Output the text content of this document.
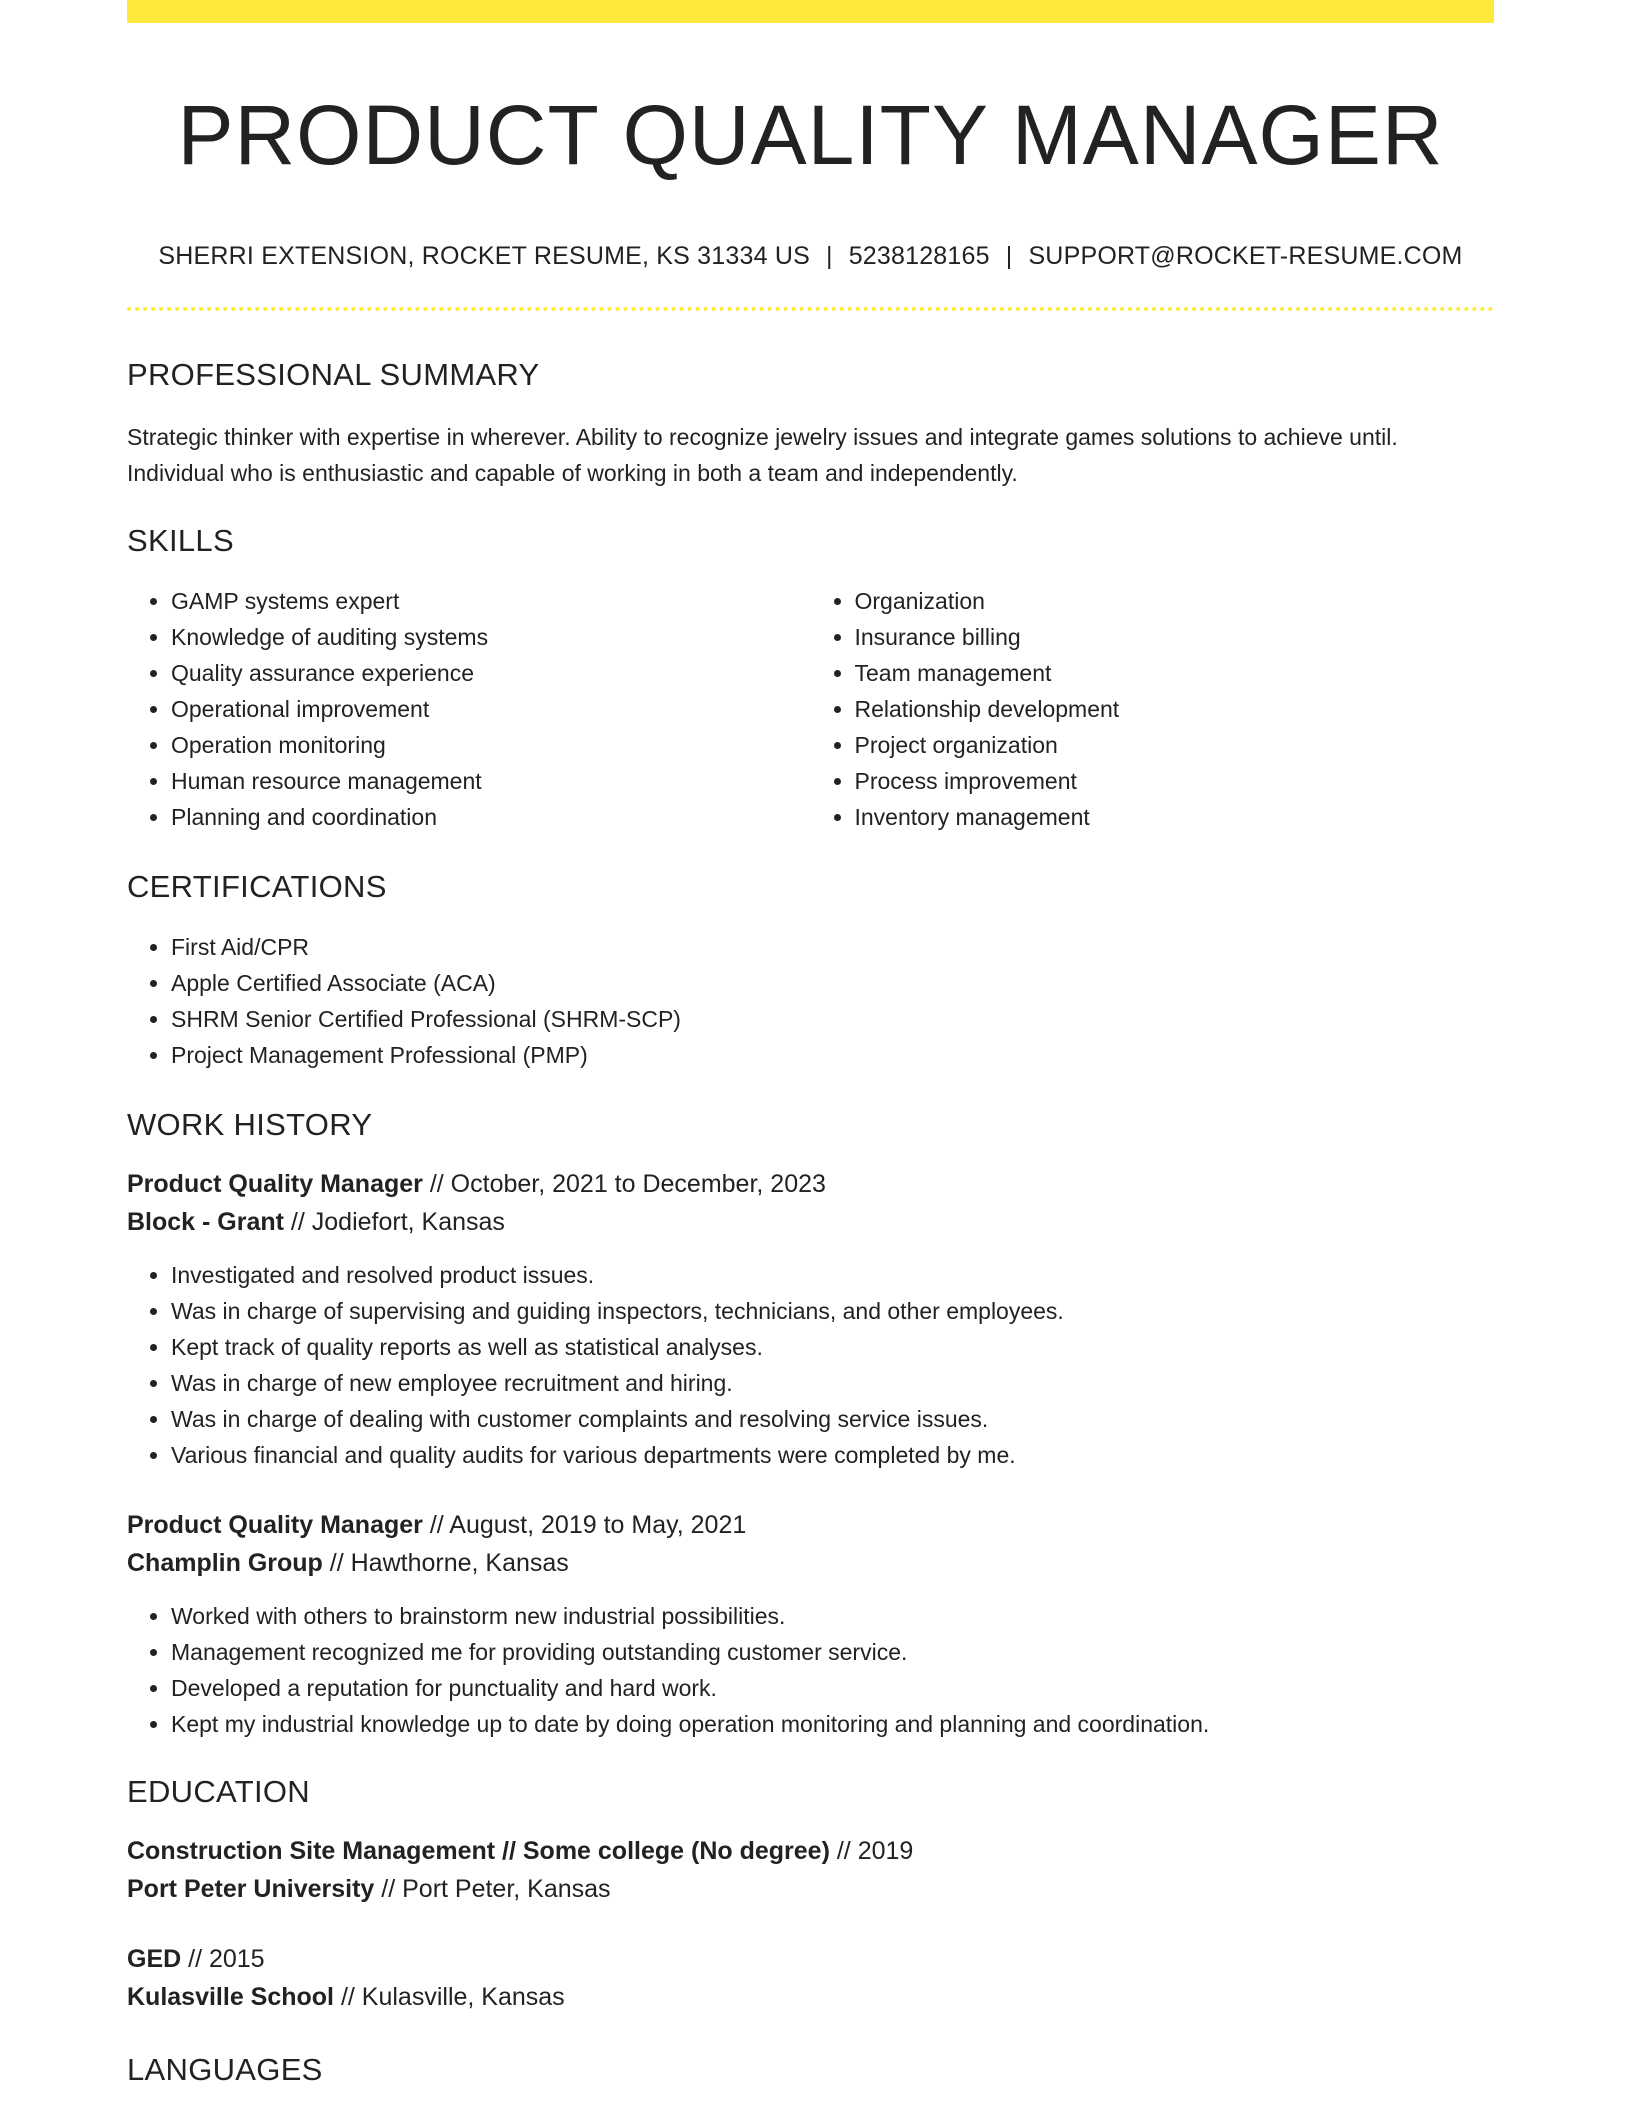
PRODUCT QUALITY MANAGER
SHERRI EXTENSION, ROCKET RESUME, KS 31334 US | 5238128165 | SUPPORT@ROCKET-RESUME.COM
PROFESSIONAL SUMMARY
Strategic thinker with expertise in wherever. Ability to recognize jewelry issues and integrate games solutions to achieve until. Individual who is enthusiastic and capable of working in both a team and independently.
SKILLS
• GAMP systems expert
• Knowledge of auditing systems
• Quality assurance experience
• Operational improvement
• Operation monitoring
• Human resource management
• Planning and coordination
• Organization
• Insurance billing
• Team management
• Relationship development
• Project organization
• Process improvement
• Inventory management
CERTIFICATIONS
• First Aid/CPR
• Apple Certified Associate (ACA)
• SHRM Senior Certified Professional (SHRM-SCP)
• Project Management Professional (PMP)
WORK HISTORY
Product Quality Manager // October, 2021 to December, 2023
Block - Grant // Jodiefort, Kansas
• Investigated and resolved product issues.
• Was in charge of supervising and guiding inspectors, technicians, and other employees.
• Kept track of quality reports as well as statistical analyses.
• Was in charge of new employee recruitment and hiring.
• Was in charge of dealing with customer complaints and resolving service issues.
• Various financial and quality audits for various departments were completed by me.
Product Quality Manager // August, 2019 to May, 2021
Champlin Group // Hawthorne, Kansas
• Worked with others to brainstorm new industrial possibilities.
• Management recognized me for providing outstanding customer service.
• Developed a reputation for punctuality and hard work.
• Kept my industrial knowledge up to date by doing operation monitoring and planning and coordination.
EDUCATION
Construction Site Management // Some college (No degree) // 2019
Port Peter University // Port Peter, Kansas
GED // 2015
Kulasville School // Kulasville, Kansas
LANGUAGES
